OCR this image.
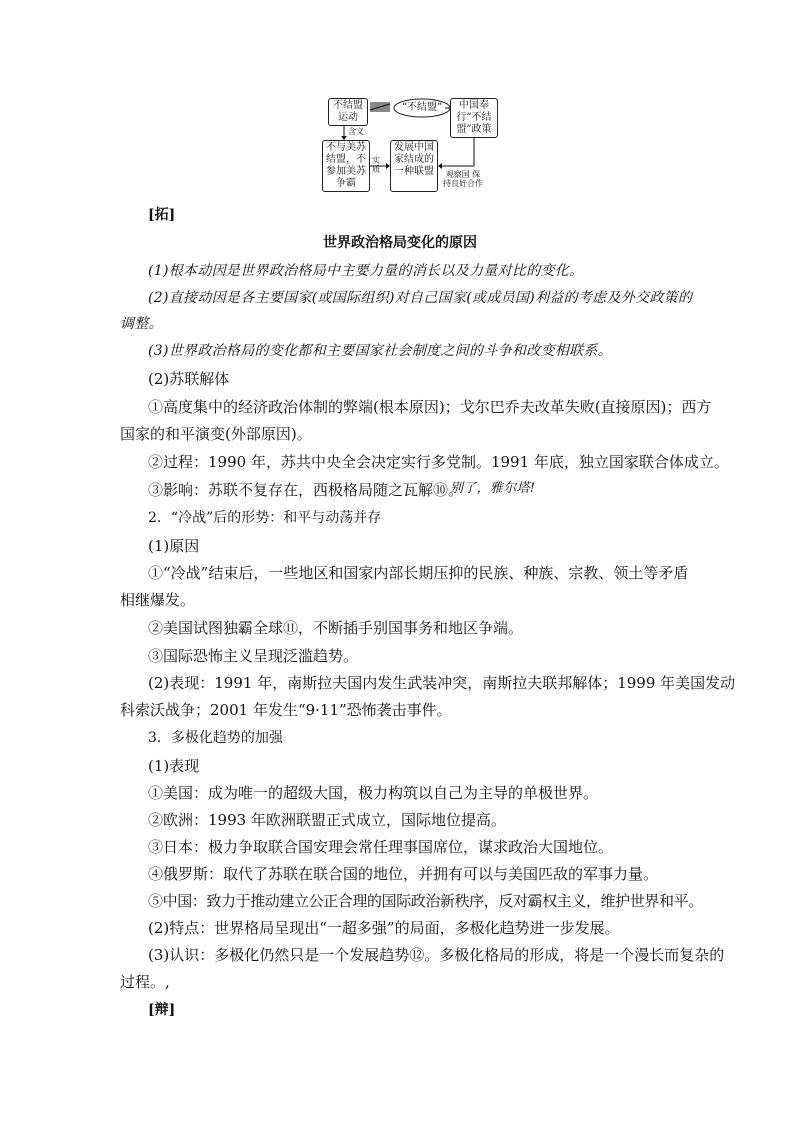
不结盟运动
“不结盟”	中国奉行“不结盟”政策
含义
不与美苏结盟，不参加美苏争霸
实质
发展中国家结成的一种联盟	观察国 保持良好合作
[拓]
世界政治格局变化的原因
(1)根本动因是世界政治格局中主要力量的消长以及力量对比的变化。
(2)直接动因是各主要国家(或国际组织)对自己国家(或成员国)利益的考虑及外交政策的
调整。
(3)世界政治格局的变化都和主要国家社会制度之间的斗争和改变相联系。
(2)苏联解体
①高度集中的经济政治体制的弊端(根本原因)；戈尔巴乔夫改革失败(直接原因)；西方
国家的和平演变(外部原因)。
②过程：1990 年，苏共中央全会决定实行多党制。1991 年底，独立国家联合体成立。
③影响：苏联不复存在，西极格局随之瓦解⑩。
别了，雅尔塔!
2．“冷战”后的形势：和平与动荡并存
(1)原因
①“冷战”结束后，一些地区和国家内部长期压抑的民族、种族、宗教、领土等矛盾
相继爆发。
②美国试图独霸全球⑪，不断插手别国事务和地区争端。
③国际恐怖主义呈现泛滥趋势。
(2)表现：1991 年，南斯拉夫国内发生武装冲突，南斯拉夫联邦解体；1999 年美国发动
科索沃战争；2001 年发生“9·11”恐怖袭击事件。
3．多极化趋势的加强
(1)表现
①美国：成为唯一的超级大国，极力构筑以自己为主导的单极世界。
②欧洲：1993 年欧洲联盟正式成立，国际地位提高。
③日本：极力争取联合国安理会常任理事国席位，谋求政治大国地位。
④俄罗斯：取代了苏联在联合国的地位，并拥有可以与美国匹敌的军事力量。
⑤中国：致力于推动建立公正合理的国际政治新秩序，反对霸权主义，维护世界和平。
(2)特点：世界格局呈现出“一超多强”的局面，多极化趋势进一步发展。
(3)认识：多极化仍然只是一个发展趋势⑫。多极化格局的形成，将是一个漫长而复杂的
过程。,
[辩]
